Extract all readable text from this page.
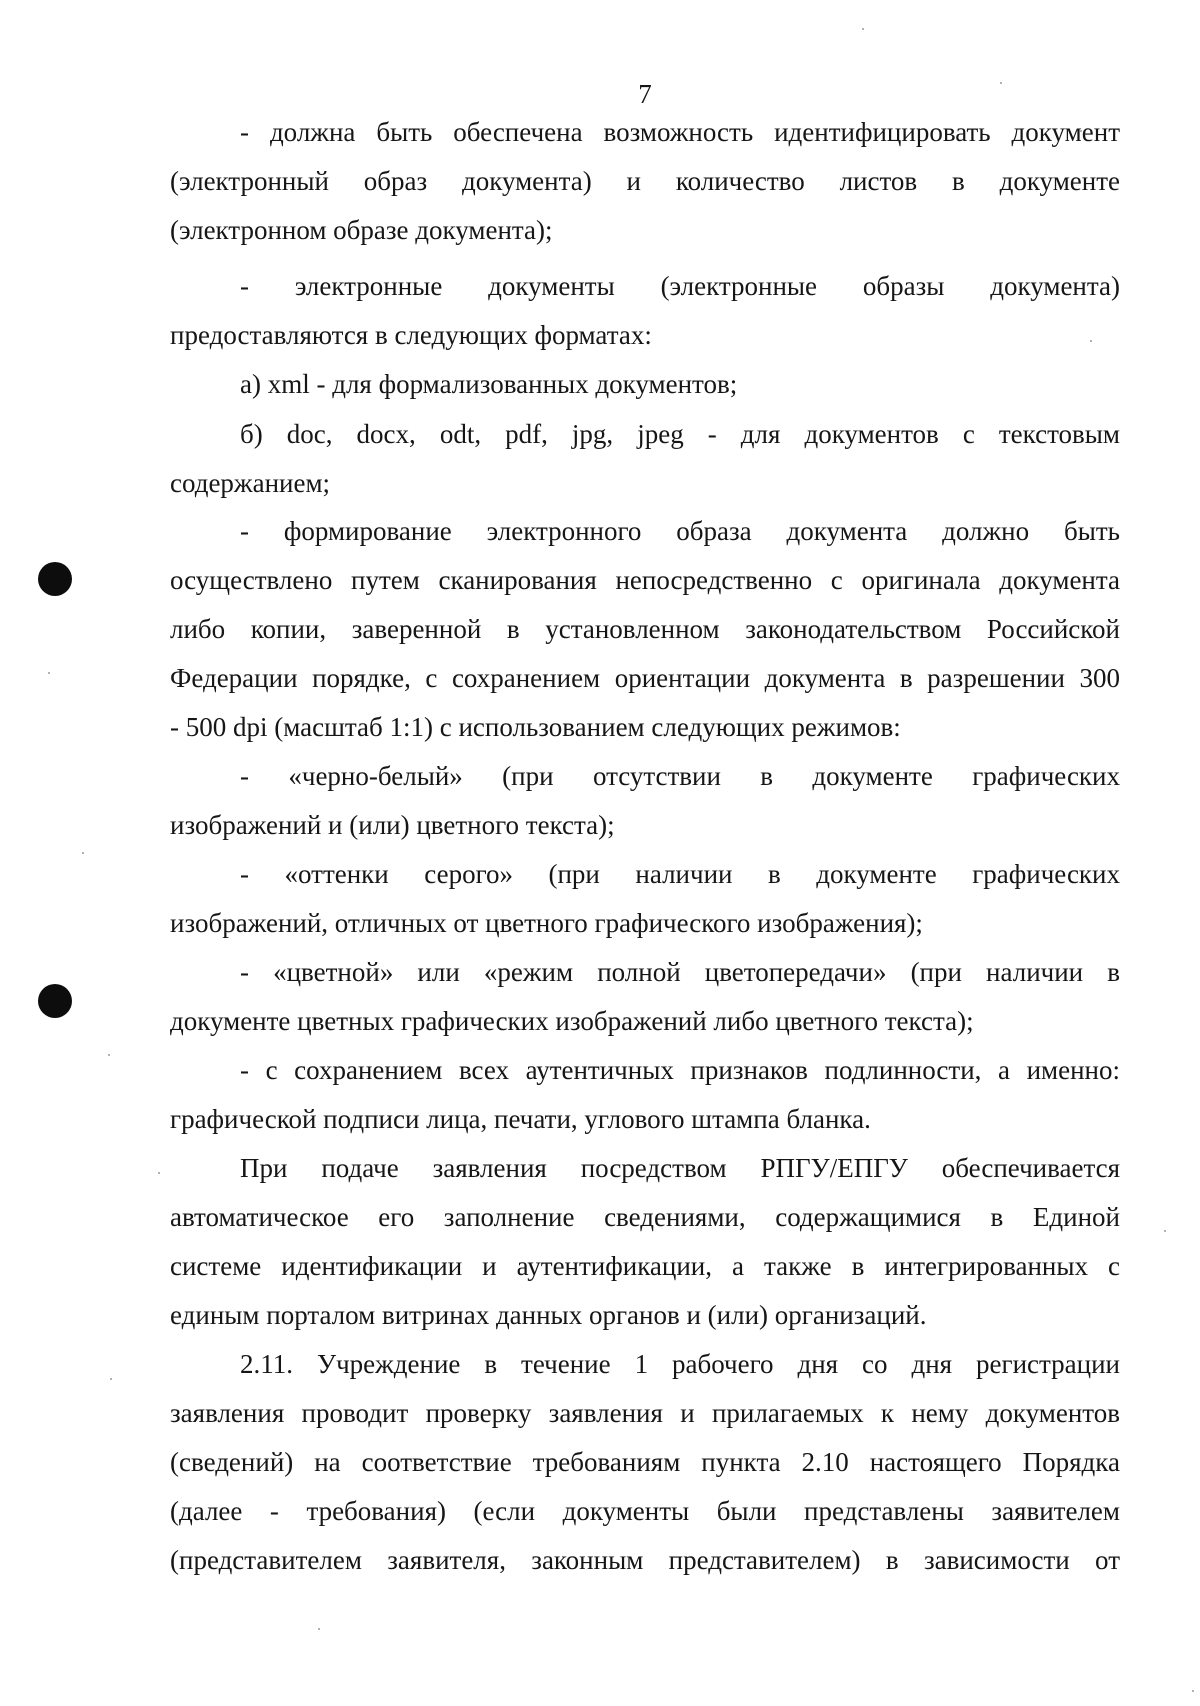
7
- должна быть обеспечена возможность идентифицировать документ
(электронный образ документа) и количество листов в документе
(электронном образе документа);
- электронные документы (электронные образы документа)
предоставляются в следующих форматах:
а) xml - для формализованных документов;
б) doc, docx, odt, pdf, jpg, jpeg - для документов с текстовым
содержанием;
- формирование электронного образа документа должно быть
осуществлено путем сканирования непосредственно с оригинала документа
либо копии, заверенной в установленном законодательством Российской
Федерации порядке, с сохранением ориентации документа в разрешении 300
- 500 dpi (масштаб 1:1) с использованием следующих режимов:
- «черно-белый» (при отсутствии в документе графических
изображений и (или) цветного текста);
- «оттенки серого» (при наличии в документе графических
изображений, отличных от цветного графического изображения);
- «цветной» или «режим полной цветопередачи» (при наличии в
документе цветных графических изображений либо цветного текста);
- с сохранением всех аутентичных признаков подлинности, а именно:
графической подписи лица, печати, углового штампа бланка.
При подаче заявления посредством РПГУ/ЕПГУ обеспечивается
автоматическое его заполнение сведениями, содержащимися в Единой
системе идентификации и аутентификации, а также в интегрированных с
единым порталом витринах данных органов и (или) организаций.
2.11. Учреждение в течение 1 рабочего дня со дня регистрации
заявления проводит проверку заявления и прилагаемых к нему документов
(сведений) на соответствие требованиям пункта 2.10 настоящего Порядка
(далее - требования) (если документы были представлены заявителем
(представителем заявителя, законным представителем) в зависимости от
